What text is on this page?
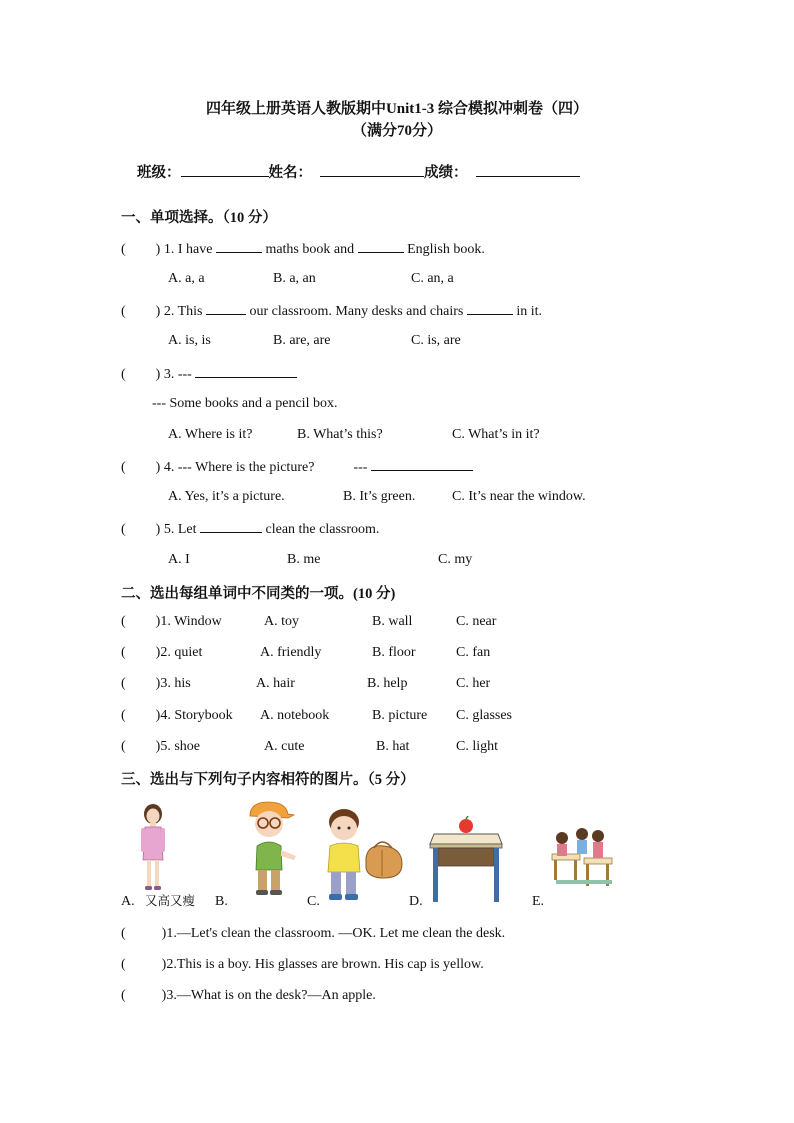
四年级上册英语人教版期中Unit1-3 综合模拟冲刺卷（四）
（满分70分）
班级：	姓名：	成绩：
一、单项选择。（10 分）
( ) 1. I have	maths book and	English book.
A. a, a	B. a, an	C. an, a
( ) 2. This	our classroom. Many desks and chairs	in it.
A. is, is	B. are, are	C. is, are
( ) 3. ---
--- Some books and a pencil box.
A. Where is it?	B. What’s this?	C. What’s in it?
( ) 4. --- Where is the picture?	---
A. Yes, it’s a picture.	B. It’s green.	C. It’s near the window.
( ) 5. Let	clean the classroom.
A. I	B. me	C. my
二、选出每组单词中不同类的一项。(10 分)
( )1. Window	A. toy	B. wall	C. near
( )2. quiet	A. friendly	B. floor	C. fan
( )3. his	A. hair	B. help	C. her
( )4. Storybook A. notebook	B. picture C. glasses
( )5. shoe	A. cute	B. hat	C. light
三、选出与下列句子内容相符的图片。（5 分）
又高又瘦
A.	B.	C.	D.	E.
(	)1.—Let's clean the classroom. —OK. Let me clean the desk.
(	)2.This is a boy. His glasses are brown. His cap is yellow.
(	)3.—What is on the desk?—An apple.
